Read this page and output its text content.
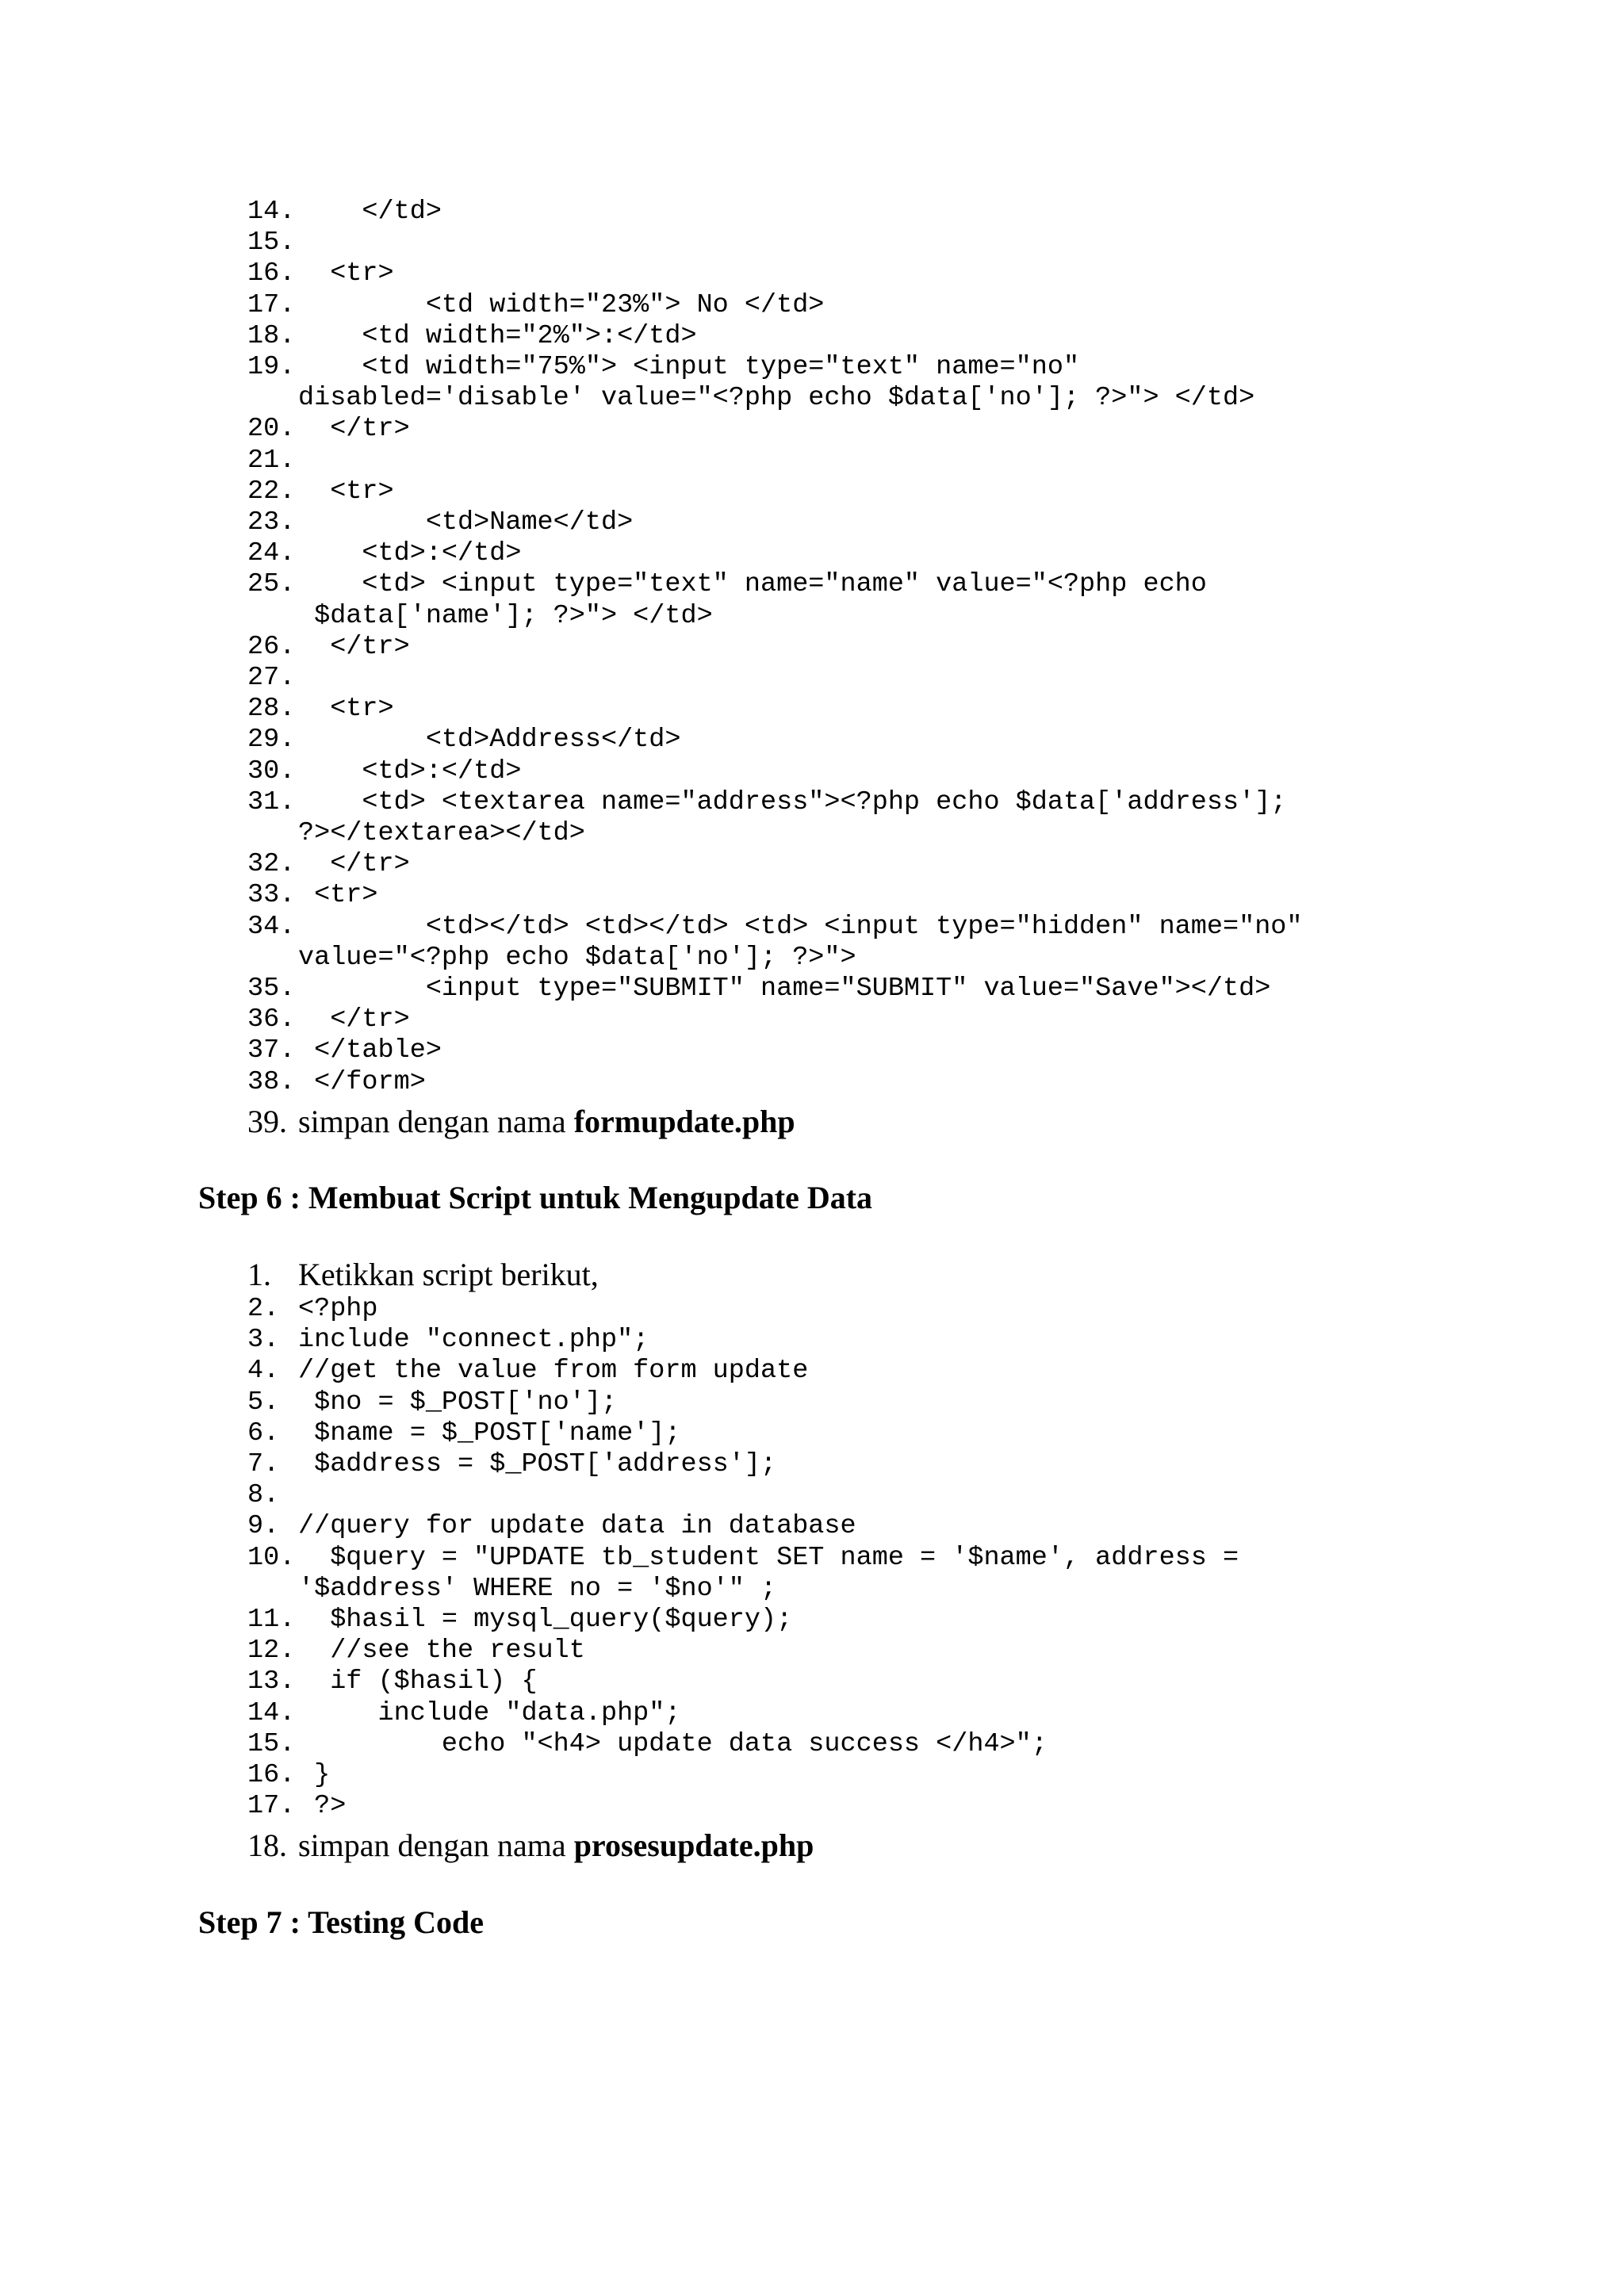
14. </td>
15.
16. <tr>
17. <td width="23%"> No </td>
18. <td width="2%">:</td>
19. <td width="75%"> <input type="text" name="no"
disabled='disable' value="<?php echo $data['no']; ?>"> </td>
20. </tr>
21.
22. <tr>
23. <td>Name</td>
24. <td>:</td>
25. <td> <input type="text" name="name" value="<?php echo
$data['name']; ?>"> </td>
26. </tr>
27.
28. <tr>
29. <td>Address</td>
30. <td>:</td>
31. <td> <textarea name="address"><?php echo $data['address'];
?></textarea></td>
32. </tr>
33. <tr>
34. <td></td> <td></td> <td> <input type="hidden" name="no"
value="<?php echo $data['no']; ?>">
35. <input type="SUBMIT" name="SUBMIT" value="Save"></td>
36. </tr>
37. </table>
38. </form>
39. simpan dengan nama formupdate.php
Step 6 : Membuat Script untuk Mengupdate Data
1. Ketikkan script berikut,
2. <?php
3. include "connect.php";
4. //get the value from form update
5. $no = $_POST['no'];
6. $name = $_POST['name'];
7. $address = $_POST['address'];
8.
9. //query for update data in database
10. $query = "UPDATE tb_student SET name = '$name', address =
'$address' WHERE no = '$no'" ;
11. $hasil = mysql_query($query);
12. //see the result
13. if ($hasil) {
14. include "data.php";
15. echo "<h4> update data success </h4>";
16. }
17. ?>
18. simpan dengan nama prosesupdate.php
Step 7 : Testing Code
